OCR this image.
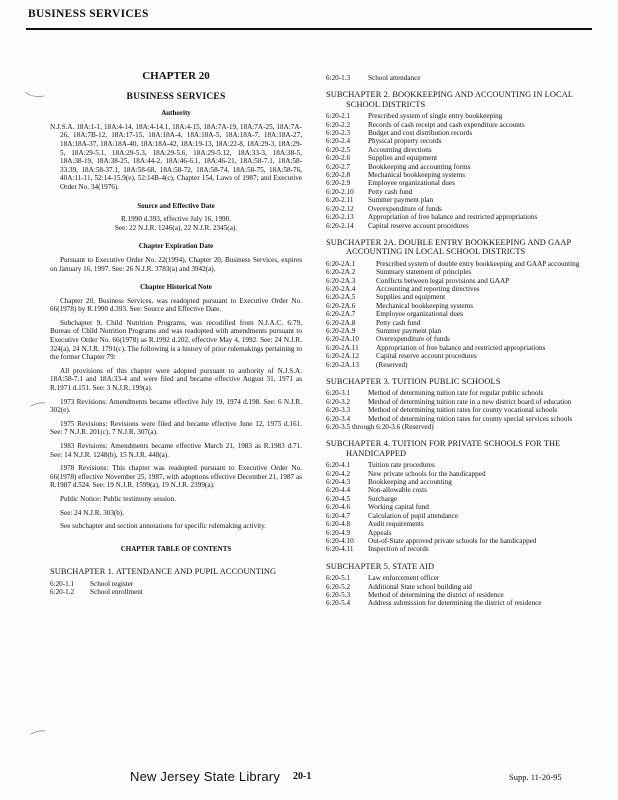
BUSINESS SERVICES
CHAPTER 20
BUSINESS SERVICES
Authority
N.J.S.A. 18A:1-1, 18A:4-14, 18A:4-14.1, 18A:4-15, 18A:7A-19, 18A:7A-25, 18A:7A-26, 18A:7B-12, 18A:17-15, 18A:18A-4, 18A:18A-5, 18A:18A-7, 18A:18A-27, 18A:18A-37, 18A:18A-40, 18A:18A-42, 18A:19-13, 18A:22-8, 18A:29-3, 18A:29-5, 18A:29-5.1, 18A:29-5.3, 18A:29-5.6, 18A:29-5.12, 18A:33-3, 18A:38-5, 18A:38-19, 18A:38-25, 18A:44-2, 18A:46-6.1, 18A:46-21, 18A:58-7.1, 18A:58-33.39, 18A:58-37.1, 18A:58-68, 18A:58-72, 18A:58-74, 18A:58-75, 18A:58-76, 40A:11-11, 52:14-15.9(e), 52:14B-4(c), Chapter 154, Laws of 1987; and Executive Order No. 34(1976).
Source and Effective Date
R.1990 d.393, effective July 16, 1990.
See: 22 N.J.R. 1246(a), 22 N.J.R. 2345(a).
Chapter Expiration Date
Pursuant to Executive Order No. 22(1994), Chapter 20, Business Services, expires on January 16, 1997. See: 26 N.J.R. 3783(a) and 3942(a).
Chapter Historical Note
Chapter 20, Business Services, was readopted pursuant to Executive Order No. 66(1978) by R.1990 d.393. See: Source and Effective Date.
Subchapter 9, Child Nutrition Programs, was recodified from N.J.A.C. 6:79, Bureau of Child Nutrition Programs and was readopted with amendments pursuant to Executive Order No. 66(1978) as R.1992 d.202, effective May 4, 1992. See: 24 N.J.R. 324(a), 24 N.J.R. 1791(c). The following is a history of prior rulemakings pertaining to the former Chapter 79:
All provisions of this chapter were adopted pursuant to authority of N.J.S.A. 18A:58-7.1 and 18A:33-4 and were filed and became effective August 31, 1971 as R.1971 d.151. See: 3 N.J.R. 199(a).
1973 Revisions: Amendments became effective July 19, 1974 d.198. See: 6 N.J.R. 302(e).
1975 Revisions: Revisions were filed and became effective June 12, 1975 d.161. See: 7 N.J.R. 201(c), 7 N.J.R. 307(a).
1983 Revisions: Amendments became effective March 21, 1983 as R.1983 d.71. See: 14 N.J.R. 1248(b), 15 N.J.R. 440(a).
1978 Revisions: This chapter was readopted pursuant to Executive Order No. 66(1978) effective November 25, 1987, with adoptions effective December 21, 1987 as R.1987 d.524. See: 19 N.J.R. 1599(a), 19 N.J.R. 2399(a).
Public Notice: Public testimony session.
See: 24 N.J.R. 303(b).
See subchapter and section annotations for specific rulemaking activity.
CHAPTER TABLE OF CONTENTS
SUBCHAPTER 1. ATTENDANCE AND PUPIL ACCOUNTING
6:20-1.1	School register
6:20-1.2	School enrollment
6:20-1.3	School attendance
SUBCHAPTER 2. BOOKKEEPING AND ACCOUNTING IN LOCAL SCHOOL DISTRICTS
6:20-2.1	Prescribed system of single entry bookkeeping
6:20-2.2	Records of cash receipt and cash expenditure accounts
6:20-2.3	Budget and cost distribution records
6:20-2.4	Physical property records
6:20-2.5	Accounting directions
6:20-2.6	Supplies and equipment
6:20-2.7	Bookkeeping and accounting forms
6:20-2.8	Mechanical bookkeeping systems
6:20-2.9	Employee organizational dues
6:20-2.10	Petty cash fund
6:20-2.11	Summer payment plan
6:20-2.12	Overexpenditure of funds
6:20-2.13	Appropriation of free balance and restricted appropriations
6:20-2.14	Capital reserve account procedures
SUBCHAPTER 2A. DOUBLE ENTRY BOOKKEEPING AND GAAP ACCOUNTING IN LOCAL SCHOOL DISTRICTS
6:20-2A.1	Prescribed system of double entry bookkeeping and GAAP accounting
6:20-2A.2	Summary statement of principles
6:20-2A.3	Conflicts between legal provisions and GAAP
6:20-2A.4	Accounting and reporting directives
6:20-2A.5	Supplies and equipment
6:20-2A.6	Mechanical bookkeeping systems
6:20-2A.7	Employee organizational dues
6:20-2A.8	Petty cash fund
6:20-2A.9	Summer payment plan
6:20-2A.10	Overexpenditure of funds
6:20-2A.11	Appropriation of free balance and restricted appropriations
6:20-2A.12	Capital reserve account procedures
6:20-2A.13	(Reserved)
SUBCHAPTER 3. TUITION PUBLIC SCHOOLS
6:20-3.1	Method of determining tuition rate for regular public schools
6:20-3.2	Method of determining tuition rate in a new district board of education
6:20-3.3	Method of determining tuition rates for county vocational schools
6:20-3.4	Method of determining tuition rates for county special services schools
6:20-3.5 through 6:20-3.6 (Reserved)
SUBCHAPTER 4. TUITION FOR PRIVATE SCHOOLS FOR THE HANDICAPPED
6:20-4.1	Tuition rate procedures
6:20-4.2	New private schools for the handicapped
6:20-4.3	Bookkeeping and accounting
6:20-4.4	Non-allowable costs
6:20-4.5	Surcharge
6:20-4.6	Working capital fund
6:20-4.7	Calculation of pupil attendance
6:20-4.8	Audit requirements
6:20-4.9	Appeals
6:20-4.10	Out-of-State approved private schools for the handicapped
6:20-4.11	Inspection of records
SUBCHAPTER 5. STATE AID
6:20-5.1	Law enforcement officer
6:20-5.2	Additional State school building aid
6:20-5.3	Method of determining the district of residence
6:20-5.4	Address submission for determining the district of residence
New Jersey State Library 20-1	Supp. 11-20-95
